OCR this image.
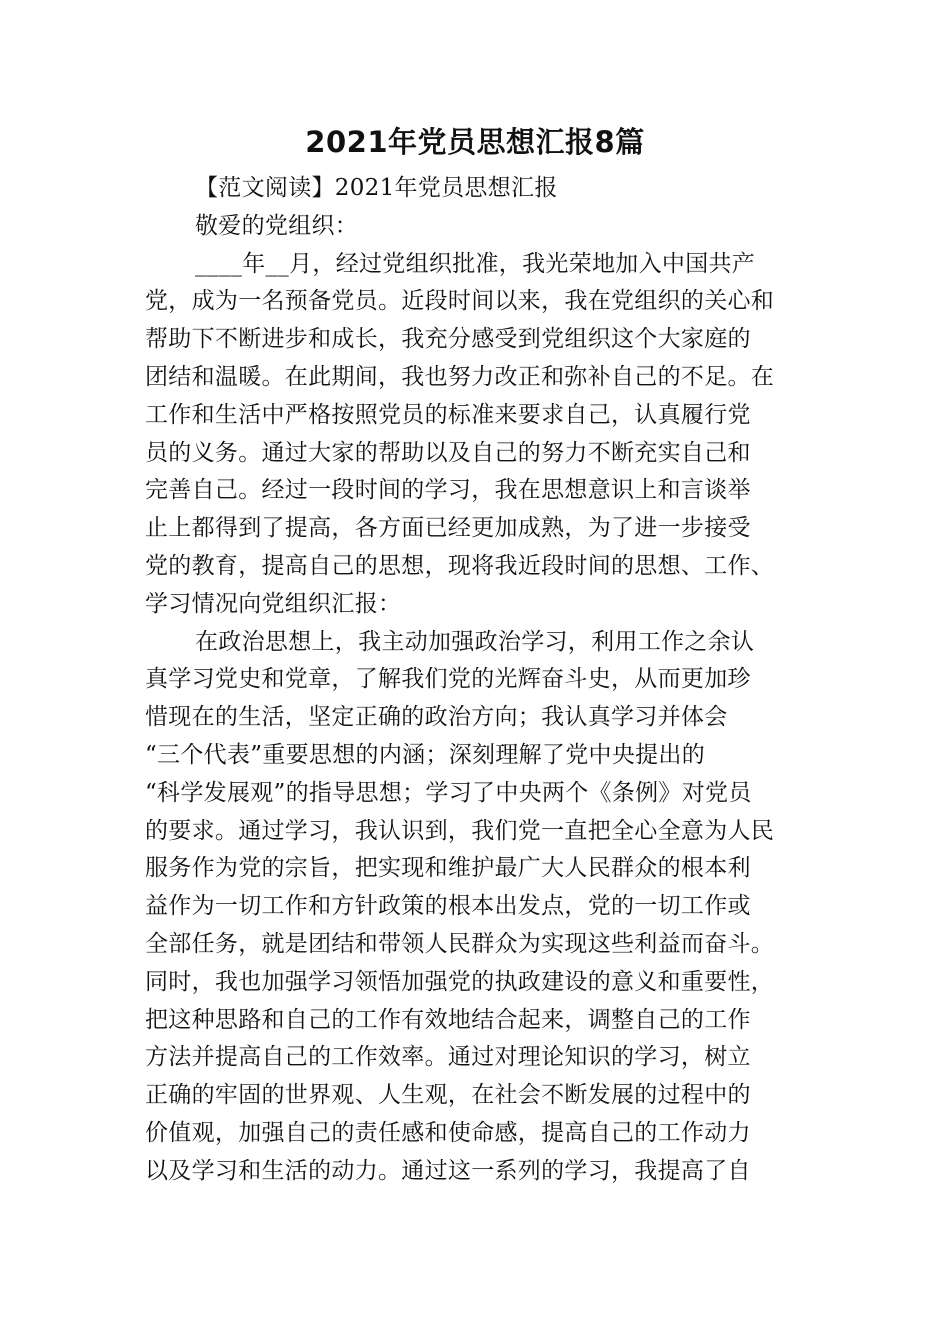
2021年党员思想汇报8篇
【范文阅读】2021年党员思想汇报
敬爱的党组织：
____年__月，经过党组织批准，我光荣地加入中国共产
党，成为一名预备党员。近段时间以来，我在党组织的关心和
帮助下不断进步和成长，我充分感受到党组织这个大家庭的
团结和温暖。在此期间，我也努力改正和弥补自己的不足。在
工作和生活中严格按照党员的标准来要求自己，认真履行党
员的义务。通过大家的帮助以及自己的努力不断充实自己和
完善自己。经过一段时间的学习，我在思想意识上和言谈举
止上都得到了提高，各方面已经更加成熟，为了进一步接受
党的教育，提高自己的思想，现将我近段时间的思想、工作、
学习情况向党组织汇报：
在政治思想上，我主动加强政治学习，利用工作之余认
真学习党史和党章，了解我们党的光辉奋斗史，从而更加珍
惜现在的生活，坚定正确的政治方向；我认真学习并体会
“三个代表”重要思想的内涵；深刻理解了党中央提出的
“科学发展观”的指导思想；学习了中央两个《条例》对党员
的要求。通过学习，我认识到，我们党一直把全心全意为人民
服务作为党的宗旨，把实现和维护最广大人民群众的根本利
益作为一切工作和方针政策的根本出发点，党的一切工作或
全部任务，就是团结和带领人民群众为实现这些利益而奋斗。
同时，我也加强学习领悟加强党的执政建设的意义和重要性，
把这种思路和自己的工作有效地结合起来，调整自己的工作
方法并提高自己的工作效率。通过对理论知识的学习，树立
正确的牢固的世界观、人生观，在社会不断发展的过程中的
价值观，加强自己的责任感和使命感，提高自己的工作动力
以及学习和生活的动力。通过这一系列的学习，我提高了自
